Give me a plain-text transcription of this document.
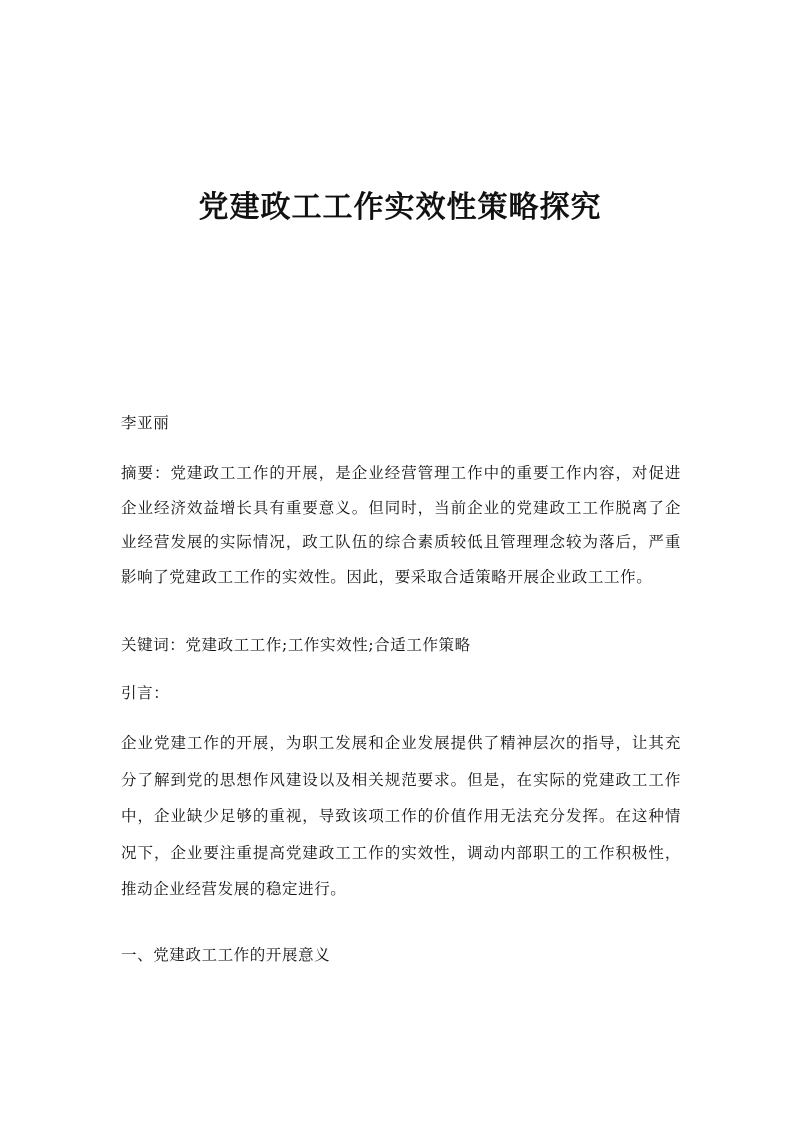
党建政工工作实效性策略探究

李亚丽

摘要：党建政工工作的开展，是企业经营管理工作中的重要工作内容，对促进企业经济效益增长具有重要意义。但同时，当前企业的党建政工工作脱离了企业经营发展的实际情况，政工队伍的综合素质较低且管理理念较为落后，严重影响了党建政工工作的实效性。因此，要采取合适策略开展企业政工工作。

关键词：党建政工工作;工作实效性;合适工作策略

引言：

企业党建工作的开展，为职工发展和企业发展提供了精神层次的指导，让其充分了解到党的思想作风建设以及相关规范要求。但是，在实际的党建政工工作中，企业缺少足够的重视，导致该项工作的价值作用无法充分发挥。在这种情况下，企业要注重提高党建政工工作的实效性，调动内部职工的工作积极性，推动企业经营发展的稳定进行。

一、党建政工工作的开展意义
